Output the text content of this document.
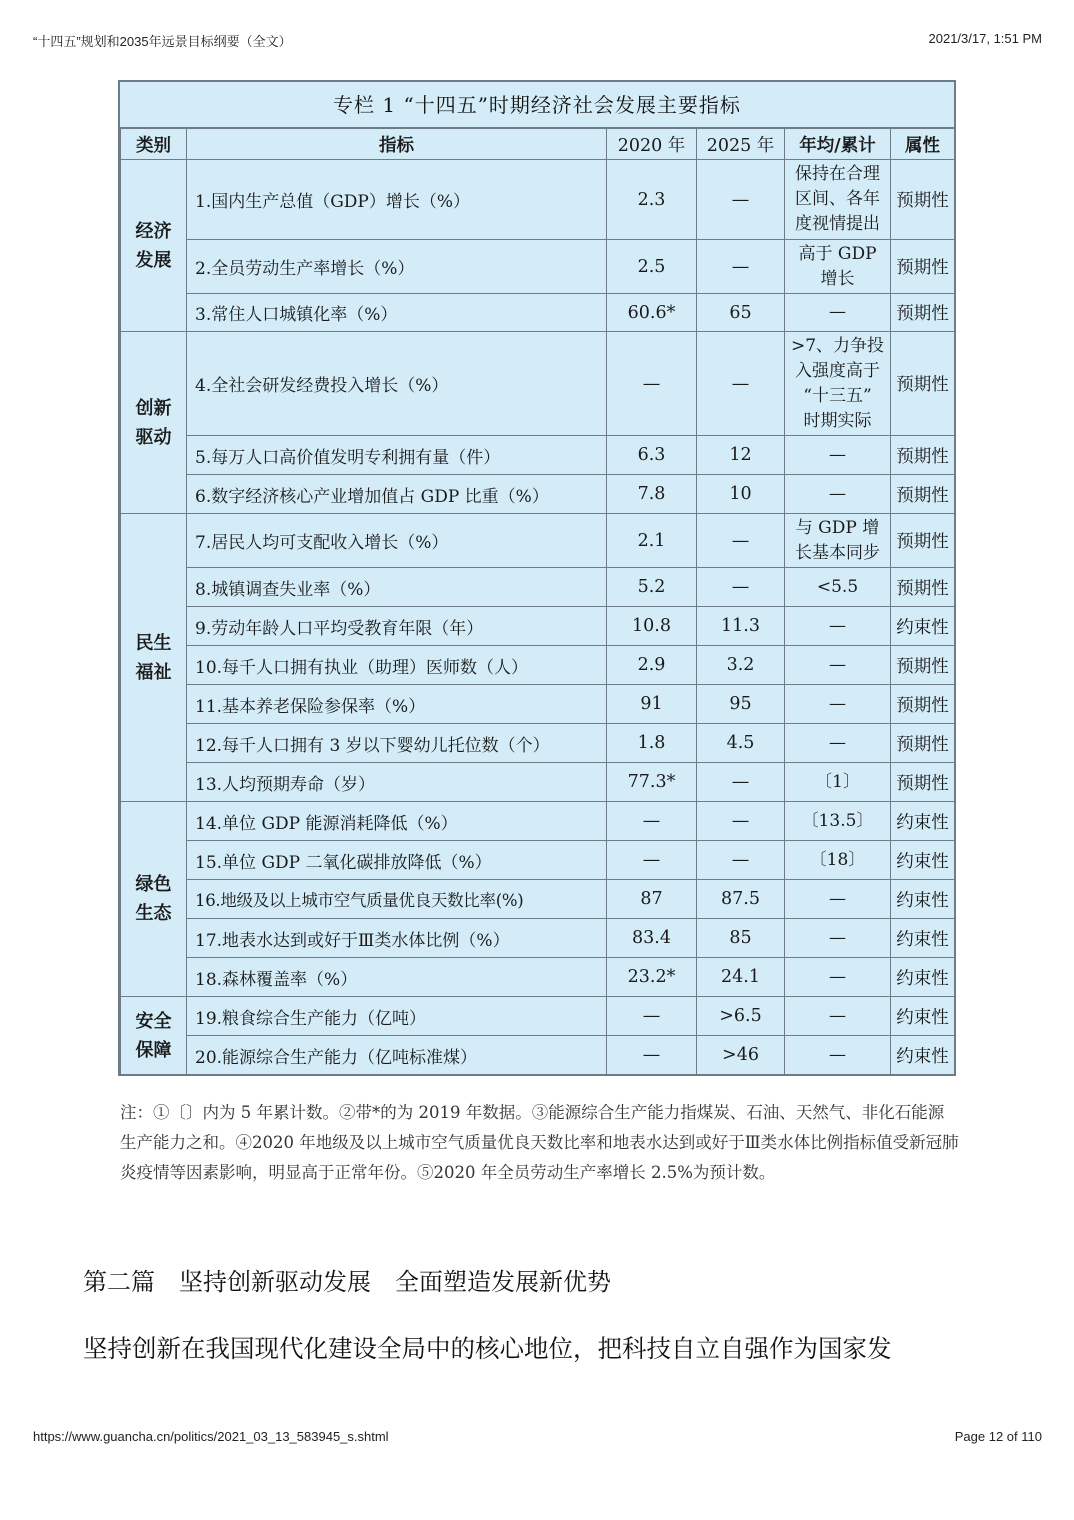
“十四五”规划和2035年远景目标纲要（全文）	2021/3/17, 1:51 PM
专栏 1 “十四五”时期经济社会发展主要指标
类别	指标	2020 年	2025 年	年均/累计	属性
经济
发展	1.国内生产总值（GDP）增长（%）	2.3	—	保持在合理
区间、各年
度视情提出	预期性
	2.全员劳动生产率增长（%）	2.5	—	高于 GDP
增长	预期性
	3.常住人口城镇化率（%）	60.6*	65	—	预期性
创新
驱动	4.全社会研发经费投入增长（%）	—	—	>7、力争投
入强度高于
“十三五”
时期实际	预期性
	5.每万人口高价值发明专利拥有量（件）	6.3	12	—	预期性
	6.数字经济核心产业增加值占 GDP 比重（%）	7.8	10	—	预期性
民生
福祉	7.居民人均可支配收入增长（%）	2.1	—	与 GDP 增
长基本同步	预期性
	8.城镇调查失业率（%）	5.2	—	<5.5	预期性
	9.劳动年龄人口平均受教育年限（年）	10.8	11.3	—	约束性
	10.每千人口拥有执业（助理）医师数（人）	2.9	3.2	—	预期性
	11.基本养老保险参保率（%）	91	95	—	预期性
	12.每千人口拥有 3 岁以下婴幼儿托位数（个）	1.8	4.5	—	预期性
	13.人均预期寿命（岁）	77.3*	—	〔1〕	预期性
绿色
生态	14.单位 GDP 能源消耗降低（%）	—	—	〔13.5〕	约束性
	15.单位 GDP 二氧化碳排放降低（%）	—	—	〔18〕	约束性
	16.地级及以上城市空气质量优良天数比率(%)	87	87.5	—	约束性
	17.地表水达到或好于Ⅲ类水体比例（%）	83.4	85	—	约束性
	18.森林覆盖率（%）	23.2*	24.1	—	约束性
安全
保障	19.粮食综合生产能力（亿吨）	—	>6.5	—	约束性
	20.能源综合生产能力（亿吨标准煤）	—	>46	—	约束性
注：①〔〕内为 5 年累计数。②带*的为 2019 年数据。③能源综合生产能力指煤炭、石油、天然气、非化石能源生产能力之和。④2020 年地级及以上城市空气质量优良天数比率和地表水达到或好于Ⅲ类水体比例指标值受新冠肺炎疫情等因素影响，明显高于正常年份。⑤2020 年全员劳动生产率增长 2.5%为预计数。
第二篇　坚持创新驱动发展　全面塑造发展新优势
坚持创新在我国现代化建设全局中的核心地位，把科技自立自强作为国家发
https://www.guancha.cn/politics/2021_03_13_583945_s.shtml	Page 12 of 110
